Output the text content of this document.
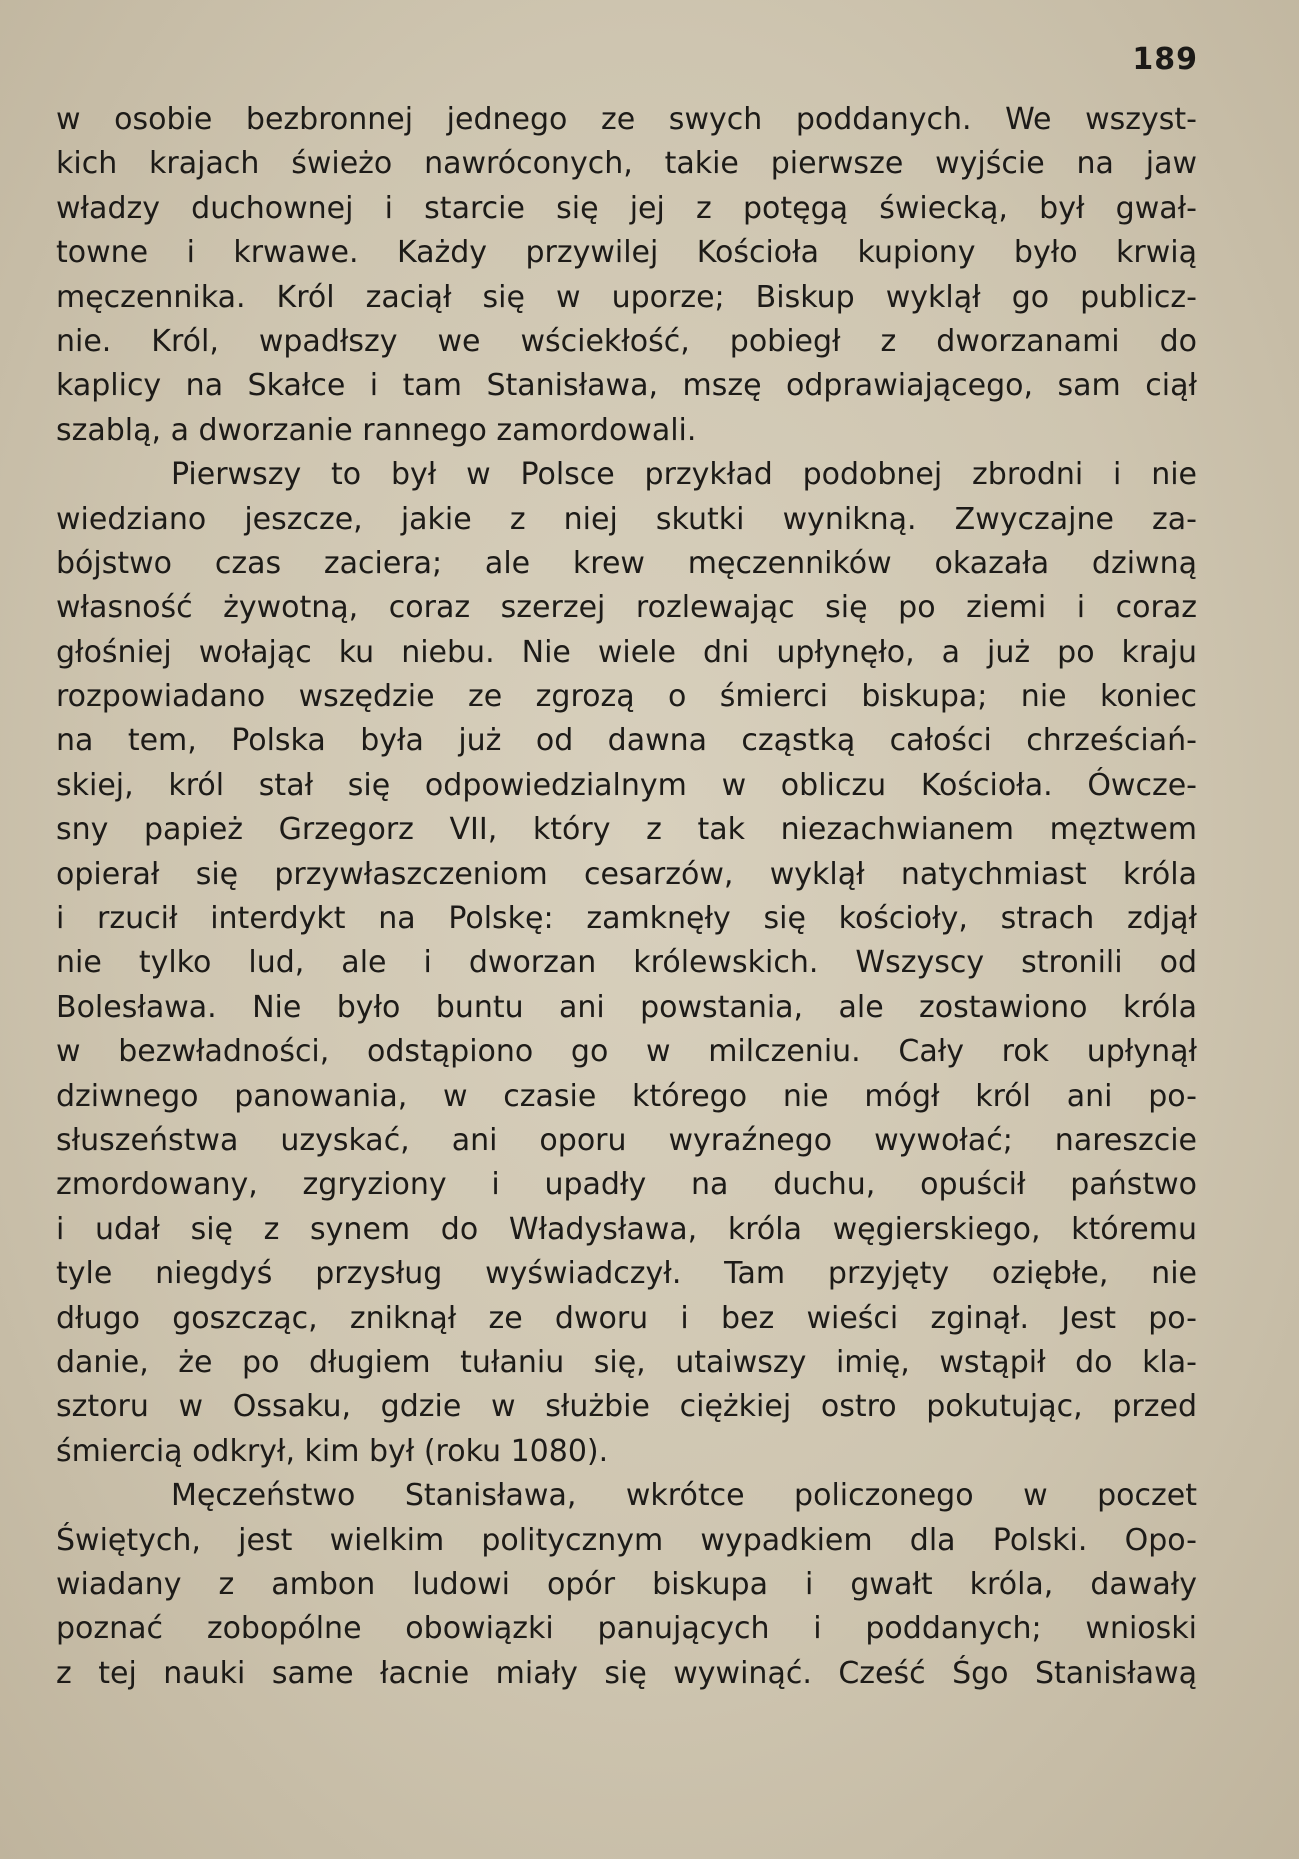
189
w osobie bezbronnej jednego ze swych poddanych. We wszyst-
kich krajach świeżo nawróconych, takie pierwsze wyjście na jaw
władzy duchownej i starcie się jej z potęgą świecką, był gwał-
towne i krwawe. Każdy przywilej Kościoła kupiony było krwią
męczennika. Król zaciął się w uporze; Biskup wyklął go publicz-
nie. Król, wpadłszy we wściekłość, pobiegł z dworzanami do
kaplicy na Skałce i tam Stanisława, mszę odprawiającego, sam ciął
szablą, a dworzanie rannego zamordowali.
Pierwszy to był w Polsce przykład podobnej zbrodni i nie
wiedziano jeszcze, jakie z niej skutki wynikną. Zwyczajne za-
bójstwo czas zaciera; ale krew męczenników okazała dziwną
własność żywotną, coraz szerzej rozlewając się po ziemi i coraz
głośniej wołając ku niebu. Nie wiele dni upłynęło, a już po kraju
rozpowiadano wszędzie ze zgrozą o śmierci biskupa; nie koniec
na tem, Polska była już od dawna cząstką całości chrześciań-
skiej, król stał się odpowiedzialnym w obliczu Kościoła. Ówcze-
sny papież Grzegorz VII, który z tak niezachwianem męztwem
opierał się przywłaszczeniom cesarzów, wyklął natychmiast króla
i rzucił interdykt na Polskę: zamknęły się kościoły, strach zdjął
nie tylko lud, ale i dworzan królewskich. Wszyscy stronili od
Bolesława. Nie było buntu ani powstania, ale zostawiono króla
w bezwładności, odstąpiono go w milczeniu. Cały rok upłynął
dziwnego panowania, w czasie którego nie mógł król ani po-
słuszeństwa uzyskać, ani oporu wyraźnego wywołać; nareszcie
zmordowany, zgryziony i upadły na duchu, opuścił państwo
i udał się z synem do Władysława, króla węgierskiego, któremu
tyle niegdyś przysług wyświadczył. Tam przyjęty oziębłe, nie
długo goszcząc, zniknął ze dworu i bez wieści zginął. Jest po-
danie, że po długiem tułaniu się, utaiwszy imię, wstąpił do kla-
sztoru w Ossaku, gdzie w służbie ciężkiej ostro pokutując, przed
śmiercią odkrył, kim był (roku 1080).
Męczeństwo Stanisława, wkrótce policzonego w poczet
Świętych, jest wielkim politycznym wypadkiem dla Polski. Opo-
wiadany z ambon ludowi opór biskupa i gwałt króla, dawały
poznać zobopólne obowiązki panujących i poddanych; wnioski
z tej nauki same łacnie miały się wywinąć. Cześć Śgo Stanisławą
